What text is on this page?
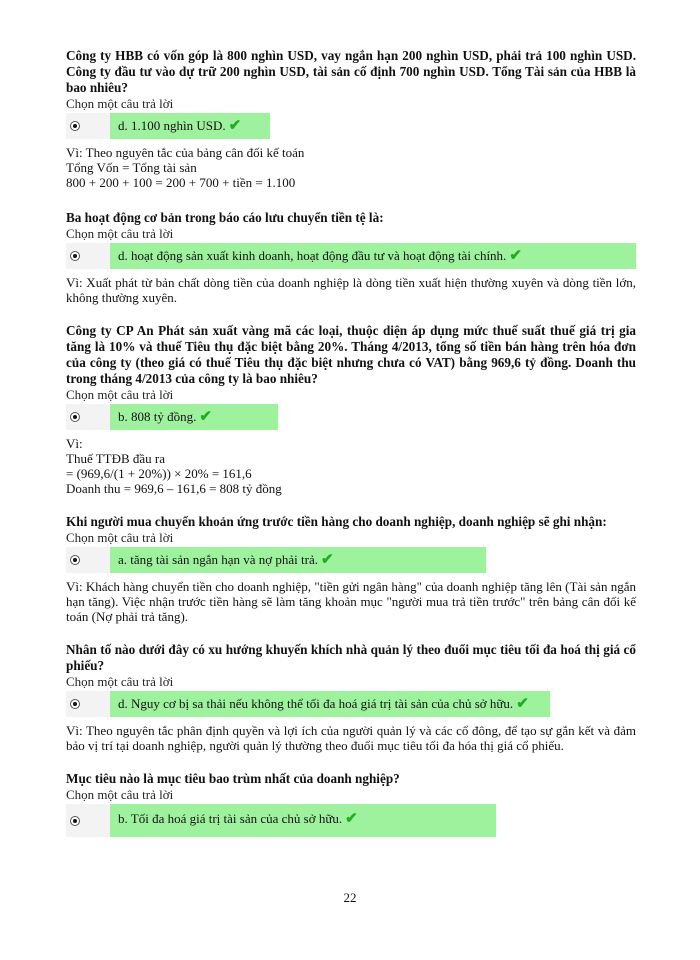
Công ty HBB có vốn góp là 800 nghìn USD, vay ngắn hạn 200 nghìn USD, phải trả 100 nghìn USD. Công ty đầu tư vào dự trữ 200 nghìn USD, tài sản cố định 700 nghìn USD. Tổng Tài sản của HBB là bao nhiêu?
Chọn một câu trả lời
d. 1.100 nghìn USD. ✔
Vì: Theo nguyên tắc của bảng cân đối kế toán
Tổng Vốn = Tổng tài sản
800 + 200 + 100 = 200 + 700 + tiền = 1.100
Ba hoạt động cơ bản trong báo cáo lưu chuyển tiền tệ là:
Chọn một câu trả lời
d. hoạt động sản xuất kinh doanh, hoạt động đầu tư và hoạt động tài chính. ✔
Vì: Xuất phát từ bản chất dòng tiền của doanh nghiệp là dòng tiền xuất hiện thường xuyên và dòng tiền lớn, không thường xuyên.
Công ty CP An Phát sản xuất vàng mã các loại, thuộc diện áp dụng mức thuế suất thuế giá trị gia tăng là 10% và thuế Tiêu thụ đặc biệt bằng 20%. Tháng 4/2013, tổng số tiền bán hàng trên hóa đơn của công ty (theo giá có thuế Tiêu thụ đặc biệt nhưng chưa có VAT) bằng 969,6 tỷ đồng. Doanh thu trong tháng 4/2013 của công ty là bao nhiêu?
Chọn một câu trả lời
b. 808 tỷ đồng. ✔
Vì:
Thuế TTĐB đầu ra
= (969,6/(1 + 20%)) × 20% = 161,6
Doanh thu = 969,6 – 161,6 = 808 tỷ đồng
Khi người mua chuyển khoản ứng trước tiền hàng cho doanh nghiệp, doanh nghiệp sẽ ghi nhận:
Chọn một câu trả lời
a. tăng tài sản ngắn hạn và nợ phải trả. ✔
Vì: Khách hàng chuyển tiền cho doanh nghiệp, "tiền gửi ngân hàng" của doanh nghiệp tăng lên (Tài sản ngắn hạn tăng). Việc nhận trước tiền hàng sẽ làm tăng khoản mục "người mua trả tiền trước" trên bảng cân đối kế toán (Nợ phải trả tăng).
Nhân tố nào dưới đây có xu hướng khuyến khích nhà quản lý theo đuổi mục tiêu tối đa hoá thị giá cổ phiếu?
Chọn một câu trả lời
d. Nguy cơ bị sa thải nếu không thể tối đa hoá giá trị tài sản của chủ sở hữu. ✔
Vì: Theo nguyên tắc phân định quyền và lợi ích của người quản lý và các cổ đông, để tạo sự gắn kết và đảm bảo vị trí tại doanh nghiệp, người quản lý thường theo đuổi mục tiêu tối đa hóa thị giá cổ phiếu.
Mục tiêu nào là mục tiêu bao trùm nhất của doanh nghiệp?
Chọn một câu trả lời
b. Tối đa hoá giá trị tài sản của chủ sở hữu. ✔
22
